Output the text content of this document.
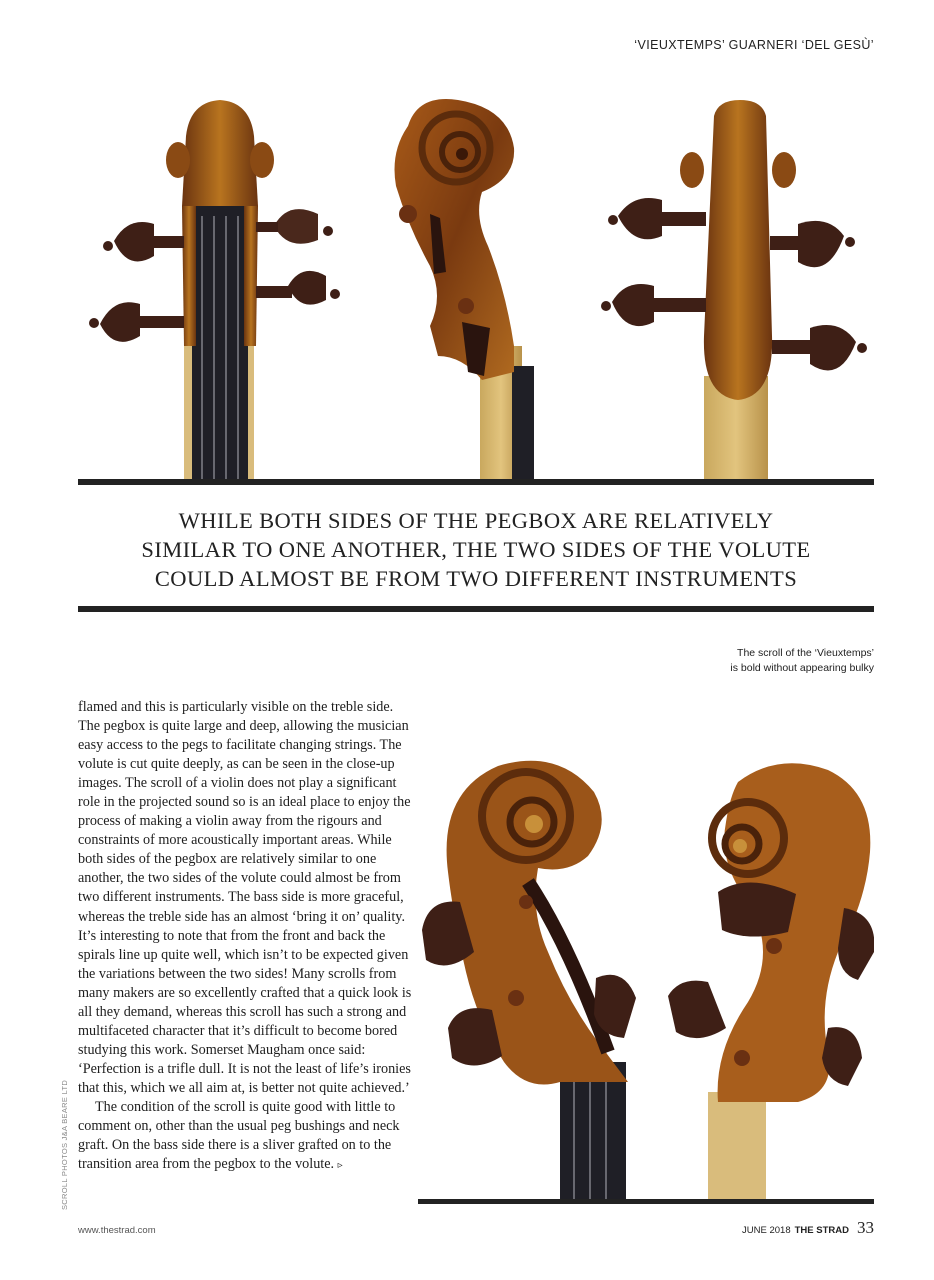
‘VIEUXTEMPS’ GUARNERI ‘DEL GESÙ’
WHILE BOTH SIDES OF THE PEGBOX ARE RELATIVELY
SIMILAR TO ONE ANOTHER, THE TWO SIDES OF THE VOLUTE
COULD ALMOST BE FROM TWO DIFFERENT INSTRUMENTS
The scroll of the ‘Vieuxtemps’
is bold without appearing bulky

flamed and this is particularly visible on the treble side. The pegbox is quite large and deep, allowing the musician easy access to the pegs to facilitate changing strings. The volute is cut quite deeply, as can be seen in the close-up images. The scroll of a violin does not play a significant role in the projected sound so is an ideal place to enjoy the process of making a violin away from the rigours and constraints of more acoustically important areas. While both sides of the pegbox are relatively similar to one another, the two sides of the volute could almost be from two different instruments. The bass side is more graceful, whereas the treble side has an almost ‘bring it on’ quality. It’s interesting to note that from the front and back the spirals line up quite well, which isn’t to be expected given the variations between the two sides! Many scrolls from many makers are so excellently crafted that a quick look is all they demand, whereas this scroll has such a strong and multifaceted character that it’s difficult to become bored studying this work. Somerset Maugham once said: ‘Perfection is a trifle dull. It is not the least of life’s ironies that this, which we all aim at, is better not quite achieved.’

The condition of the scroll is quite good with little to comment on, other than the usual peg bushings and neck graft. On the bass side there is a sliver grafted on to the transition area from the pegbox to the volute. ▹

SCROLL PHOTOS J&A BEARE LTD
www.thestrad.com	JUNE 2018 THE STRAD 33
